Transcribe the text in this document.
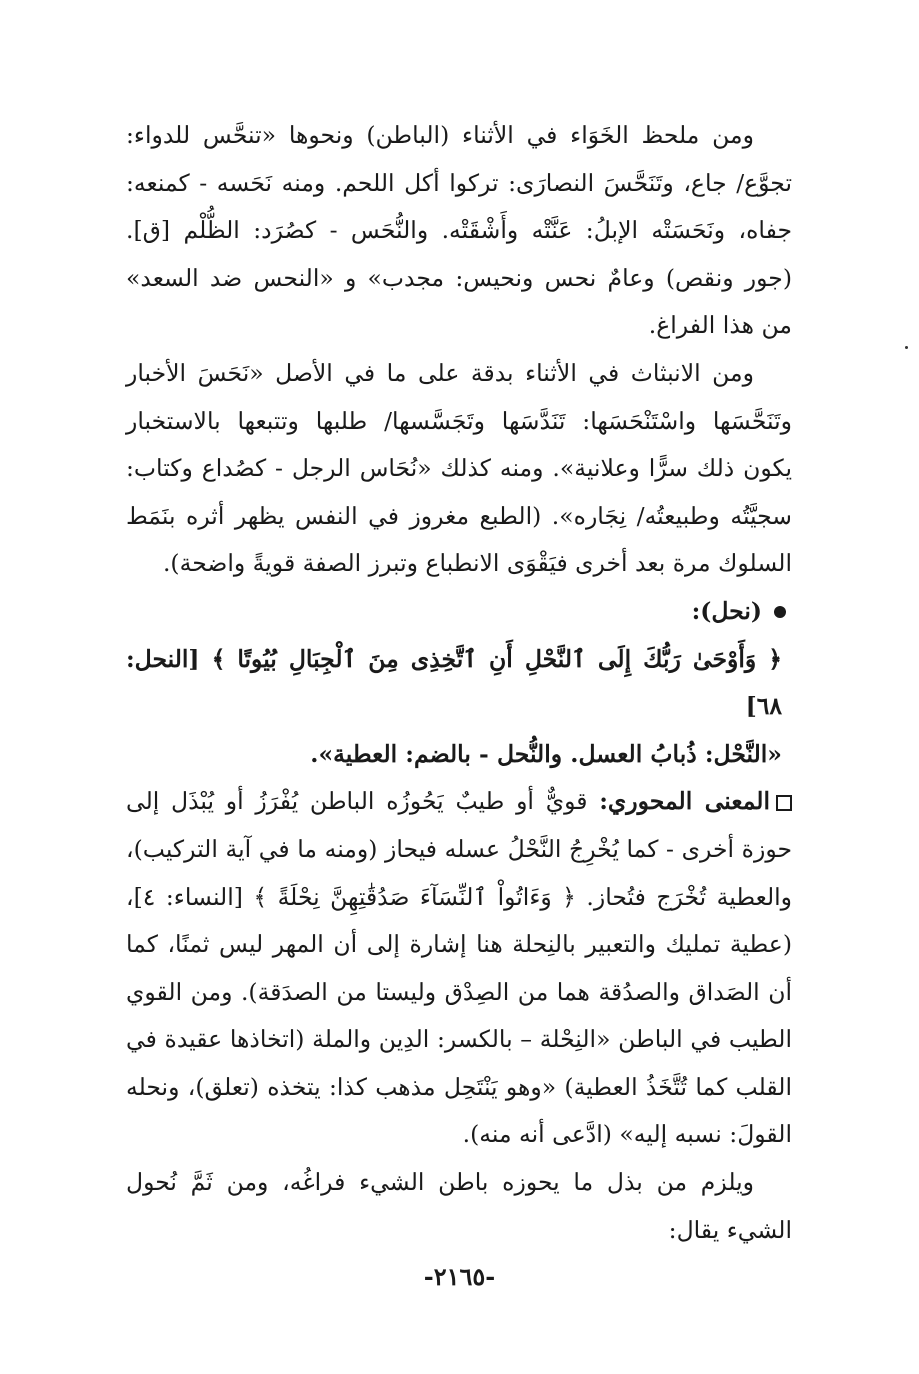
ومن ملحظ الخَوَاء في الأثناء (الباطن) ونحوها «تنحَّس للدواء: تجوَّع/ جاع، وتَنَحَّسَ النصارَى: تركوا أكل اللحم. ومنه نَحَسه - كمنعه: جفاه، ونَحَسَتْه الإبلُ: عَنَّتْه وأَشْقَتْه. والنُّحَس - كصُرَد: الظُّلْم [ق]. (جور ونقص) وعامٌ نحس ونحيس: مجدب» و «النحس ضد السعد» من هذا الفراغ.

ومن الانبثاث في الأثناء بدقة على ما في الأصل «نَحَسَ الأخبار وتَنَحَّسَها واسْتَنْحَسَها: تَنَدَّسَها وتَجَسَّسها/ طلبها وتتبعها بالاستخبار يكون ذلك سرًّا وعلانية». ومنه كذلك «نُحَاس الرجل - كصُداع وكتاب: سجيَّتُه وطبيعتُه/ نِجَاره». (الطبع مغروز في النفس يظهر أثره بنَمَط السلوك مرة بعد أخرى فيَقْوَى الانطباع وتبرز الصفة قويةً واضحة).

(نحل):

﴿ وَأَوْحَىٰ رَبُّكَ إِلَى ٱلنَّحْلِ أَنِ ٱتَّخِذِى مِنَ ٱلْجِبَالِ بُيُوتًا ﴾ [النحل: ٦٨]

«النَّحْل: ذُبابُ العسل. والنُّحل - بالضم: العطية».

المعنى المحوري: قويٌّ أو طيبٌ يَحُوزُه الباطن يُفْرَزُ أو يُبْذَل إلى حوزة أخرى - كما يُخْرِجُ النَّحْلُ عسله فيحاز (ومنه ما في آية التركيب)، والعطية تُخْرَج فتُحاز. ﴿ وَءَاتُواْ ٱلنِّسَآءَ صَدُقَٰتِهِنَّ نِحْلَةً ﴾ [النساء: ٤]، (عطية تمليك والتعبير بالنِحلة هنا إشارة إلى أن المهر ليس ثمنًا، كما أن الصَداق والصدُقة هما من الصِدْق وليستا من الصدَقة). ومن القوي الطيب في الباطن «النِحْلة – بالكسر: الدِين والملة (اتخاذها عقيدة في القلب كما تُتَّخَذُ العطية) «وهو يَنْتَحِل مذهب كذا: يتخذه (تعلق)، ونحله القولَ: نسبه إليه» (ادَّعى أنه منه).

ويلزم من بذل ما يحوزه باطن الشيء فراغُه، ومن ثَمَّ نُحول الشيء يقال:

-٢١٦٥-
